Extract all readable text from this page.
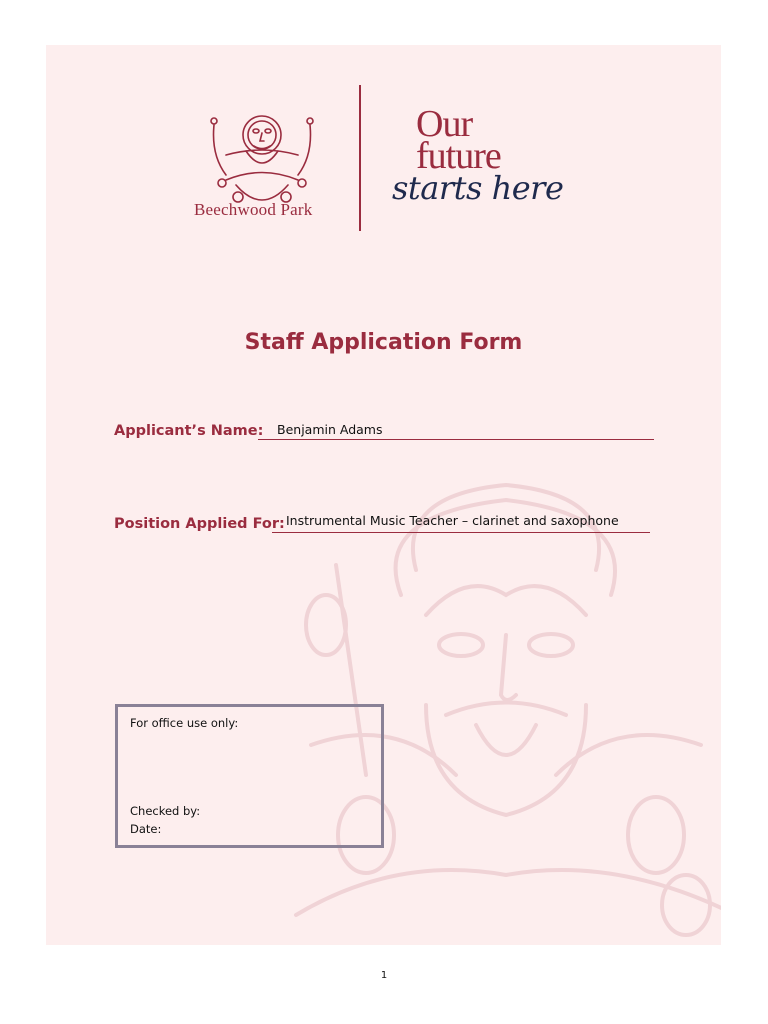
Beechwood Park
Our
future
starts here
Staff Application Form
Applicant’s Name: Benjamin Adams
Position Applied For: Instrumental Music Teacher – clarinet and saxophone
For office use only:
Checked by:
Date:
1
